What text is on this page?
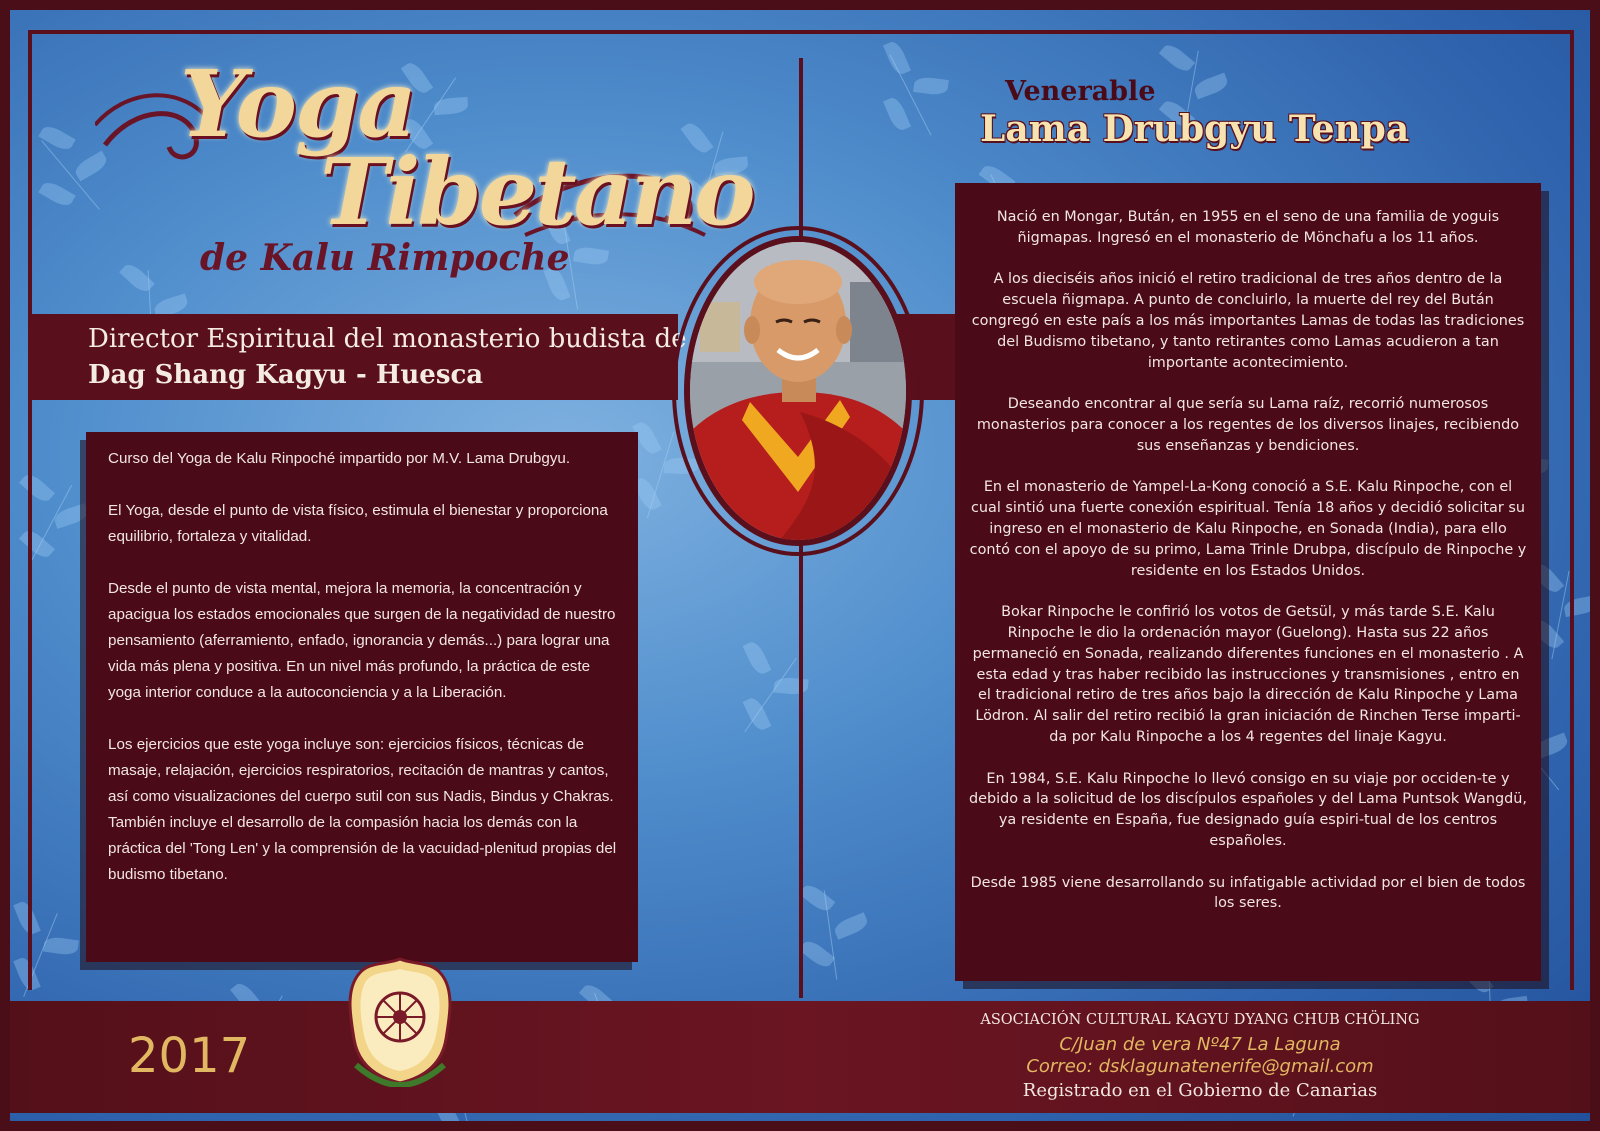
Yoga
Tibetano
de Kalu Rimpoche
Director Espiritual del monasterio budista de
Dag Shang Kagyu - Huesca

Curso del Yoga de Kalu Rinpoché impartido por M.V. Lama Drubgyu.

El Yoga, desde el punto de vista físico, estimula el bienestar y proporciona equilibrio, fortaleza y vitalidad.

Desde el punto de vista mental, mejora la memoria, la concentración y apacigua los estados emocionales que surgen de la negatividad de nuestro pensamiento (aferramiento, enfado, ignorancia y demás...) para lograr una vida más plena y positiva. En un nivel más profundo, la práctica de este yoga interior conduce a la autoconciencia y a la Liberación.

Los ejercicios que este yoga incluye son: ejercicios físicos, técnicas de masaje, relajación, ejercicios respiratorios, recitación de mantras y cantos, así como visualizaciones del cuerpo sutil con sus Nadis, Bindus y Chakras. También incluye el desarrollo de la compasión hacia los demás con la práctica del 'Tong Len' y la comprensión de la vacuidad-plenitud propias del budismo tibetano.

Venerable
Lama Drubgyu Tenpa

Nació en Mongar, Bután, en 1955 en el seno de una familia de yoguis ñigmapas. Ingresó en el monasterio de Mönchafu a los 11 años.

A los dieciséis años inició el retiro tradicional de tres años dentro de la escuela ñigmapa. A punto de concluirlo, la muerte del rey del Bután congregó en este país a los más importantes Lamas de todas las tradiciones del Budismo tibetano, y tanto retirantes como Lamas acudieron a tan importante acontecimiento.

Deseando encontrar al que sería su Lama raíz, recorrió numerosos monasterios para conocer a los regentes de los diversos linajes, recibiendo sus enseñanzas y bendiciones.

En el monasterio de Yampel-La-Kong conoció a S.E. Kalu Rinpoche, con el cual sintió una fuerte conexión espiritual. Tenía 18 años y decidió solicitar su ingreso en el monasterio de Kalu Rinpoche, en Sonada (India), para ello contó con el apoyo de su primo, Lama Trinle Drubpa, discípulo de Rinpoche y residente en los Estados Unidos.

Bokar Rinpoche le confirió los votos de Getsül, y más tarde S.E. Kalu Rinpoche le dio la ordenación mayor (Guelong). Hasta sus 22 años permaneció en Sonada, realizando diferentes funciones en el monasterio . A esta edad y tras haber recibido las instrucciones y transmisiones , entro en el tradicional retiro de tres años bajo la dirección de Kalu Rinpoche y Lama Lödron. Al salir del retiro recibió la gran iniciación de Rinchen Terse imparti-da por Kalu Rinpoche a los 4 regentes del linaje Kagyu.

En 1984, S.E. Kalu Rinpoche lo llevó consigo en su viaje por occiden-te y debido a la solicitud de los discípulos españoles y del Lama Puntsok Wangdü, ya residente en España, fue designado guía espiri-tual de los centros españoles.

Desde 1985 viene desarrollando su infatigable actividad por el bien de todos los seres.

2017
ASOCIACIÓN CULTURAL KAGYU DYANG CHUB CHÖLING
C/Juan de vera Nº47 La Laguna
Correo: dsklagunatenerife@gmail.com
Registrado en el Gobierno de Canarias
